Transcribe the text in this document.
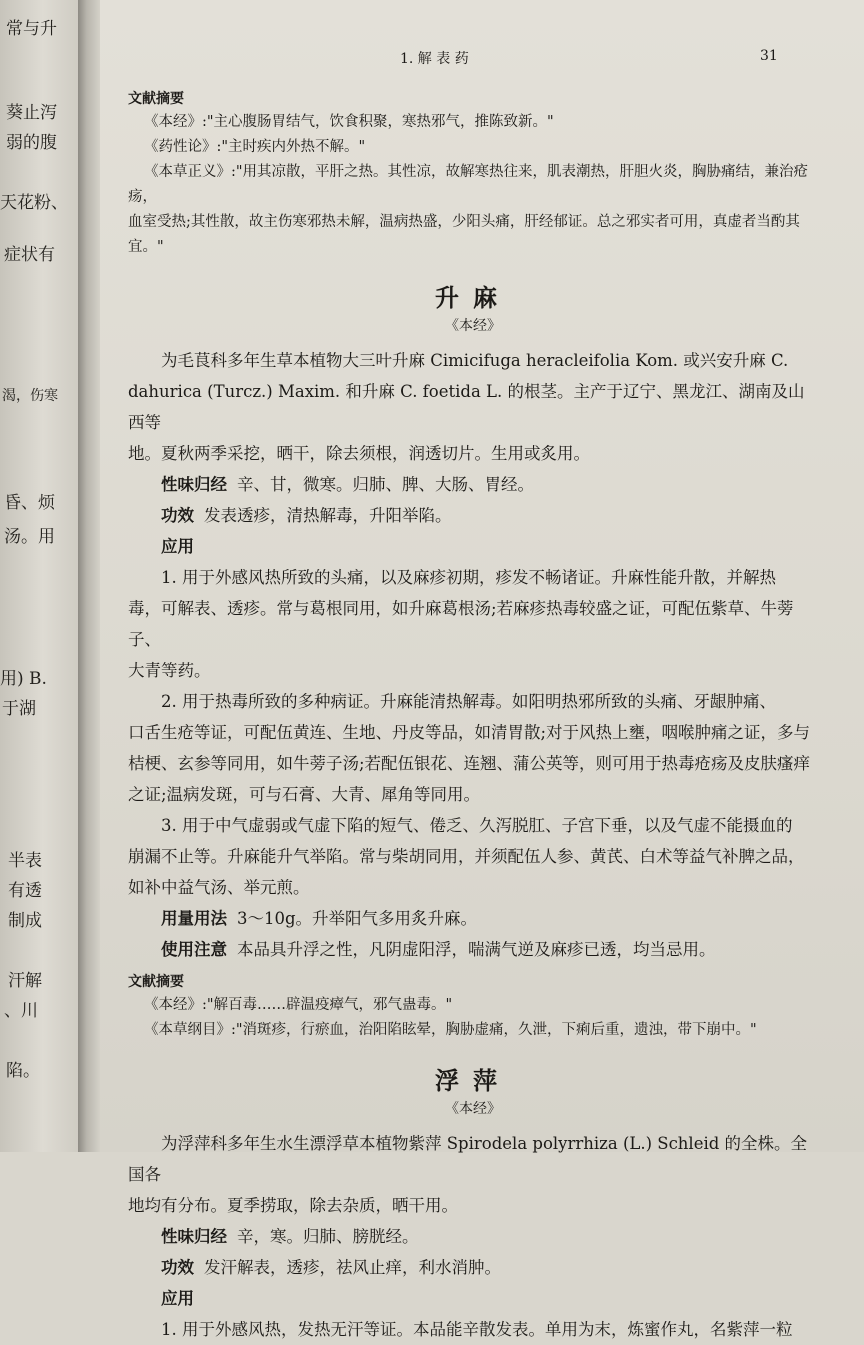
常与升
葵止泻
弱的腹
天花粉、
症状有
渴，伤寒
昏、烦
汤。用
用) B.
于湖
半表
有透
制成
汗解
、川
陷。
1. 解 表 药	31

文献摘要

《本经》:"主心腹肠胃结气，饮食积聚，寒热邪气，推陈致新。"

《药性论》:"主时疾内外热不解。"

《本草正义》:"用其凉散，平肝之热。其性凉，故解寒热往来，肌表潮热，肝胆火炎，胸胁痛结，兼治疮疡，

血室受热;其性散，故主伤寒邪热未解，温病热盛，少阳头痛，肝经郁证。总之邪实者可用，真虚者当酌其

宜。"

升麻
《本经》

为毛茛科多年生草本植物大三叶升麻 Cimicifuga heracleifolia Kom. 或兴安升麻 C.

dahurica (Turcz.) Maxim. 和升麻 C. foetida L. 的根茎。主产于辽宁、黑龙江、湖南及山西等

地。夏秋两季采挖，晒干，除去须根，润透切片。生用或炙用。

性味归经 辛、甘，微寒。归肺、脾、大肠、胃经。
功效 发表透疹，清热解毒，升阳举陷。
应用

1. 用于外感风热所致的头痛，以及麻疹初期，疹发不畅诸证。升麻性能升散，并解热

毒，可解表、透疹。常与葛根同用，如升麻葛根汤;若麻疹热毒较盛之证，可配伍紫草、牛蒡子、

大青等药。

2. 用于热毒所致的多种病证。升麻能清热解毒。如阳明热邪所致的头痛、牙龈肿痛、

口舌生疮等证，可配伍黄连、生地、丹皮等品，如清胃散;对于风热上壅，咽喉肿痛之证，多与

桔梗、玄参等同用，如牛蒡子汤;若配伍银花、连翘、蒲公英等，则可用于热毒疮疡及皮肤瘙痒

之证;温病发斑，可与石膏、大青、犀角等同用。

3. 用于中气虚弱或气虚下陷的短气、倦乏、久泻脱肛、子宫下垂，以及气虚不能摄血的

崩漏不止等。升麻能升气举陷。常与柴胡同用，并须配伍人参、黄芪、白术等益气补脾之品，

如补中益气汤、举元煎。

用量用法 3～10g。升举阳气多用炙升麻。
使用注意 本品具升浮之性，凡阴虚阳浮，喘满气逆及麻疹已透，均当忌用。

文献摘要

《本经》:"解百毒……辟温疫瘴气，邪气蛊毒。"

《本草纲目》:"消斑疹，行瘀血，治阳陷眩晕，胸胁虚痛，久泄，下痢后重，遗浊，带下崩中。"

浮萍
《本经》

为浮萍科多年生水生漂浮草本植物紫萍 Spirodela polyrrhiza (L.) Schleid 的全株。全国各

地均有分布。夏季捞取，除去杂质，晒干用。

性味归经 辛，寒。归肺、膀胱经。
功效 发汗解表，透疹，祛风止痒，利水消肿。
应用

1. 用于外感风热，发热无汗等证。本品能辛散发表。单用为末，炼蜜作丸，名紫萍一粒
